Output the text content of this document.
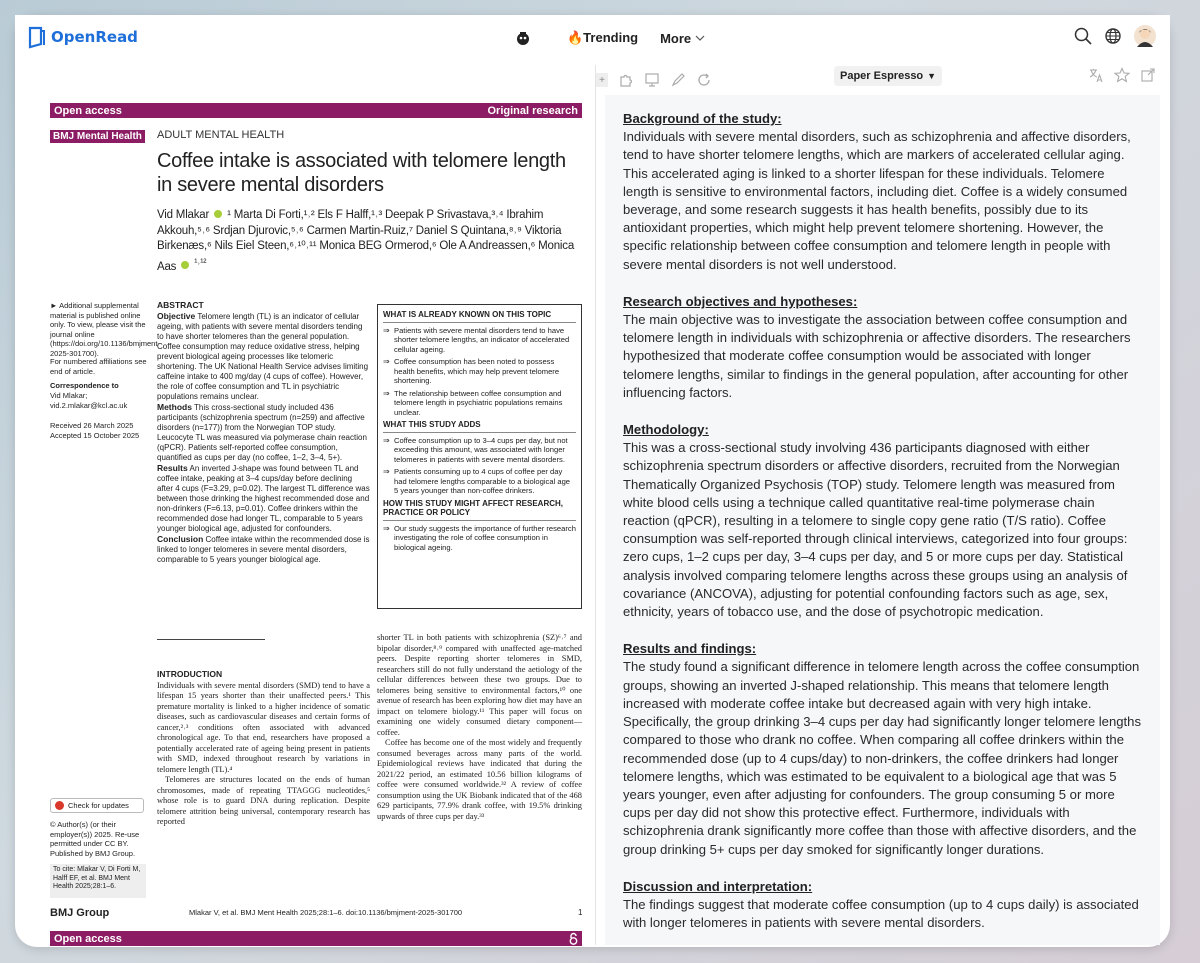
OpenRead	🔥Trending More
Open access	Original research
BMJ Mental Health ADULT MENTAL HEALTH
Coffee intake is associated with telomere length in severe mental disorders
Vid Mlakar ¹ Marta Di Forti,¹˒² Els F Halff,¹˒³ Deepak P Srivastava,³˒⁴ Ibrahim Akkouh,⁵˒⁶ Srdjan Djurovic,⁵˒⁶ Carmen Martin-Ruiz,⁷ Daniel S Quintana,⁸˒⁹ Viktoria Birkenæs,⁶ Nils Eiel Steen,⁶˒¹⁰˒¹¹ Monica BEG Ormerod,⁶ Ole A Andreassen,⁶ Monica Aas $^{^1˒^{12}}$
► Additional supplemental material is published online only. To view, please visit the journal online (https://doi.org/10.1136/bmjment-2025-301700).
For numbered affiliations see end of article.
Correspondence to
Vid Mlakar; vid.2.mlakar@kcl.ac.uk
Received 26 March 2025
Accepted 15 October 2025
ABSTRACT
Objective Telomere length (TL) is an indicator of cellular ageing, with patients with severe mental disorders tending to have shorter telomeres than the general population. Coffee consumption may reduce oxidative stress, helping prevent biological ageing processes like telomeric shortening. The UK National Health Service advises limiting caffeine intake to 400 mg/day (4 cups of coffee). However, the role of coffee consumption and TL in psychiatric populations remains unclear.
Methods This cross-sectional study included 436 participants (schizophrenia spectrum (n=259) and affective disorders (n=177)) from the Norwegian TOP study. Leucocyte TL was measured via polymerase chain reaction (qPCR). Patients self-reported coffee consumption, quantified as cups per day (no coffee, 1–2, 3–4, 5+).
Results An inverted J-shape was found between TL and coffee intake, peaking at 3–4 cups/day before declining after 4 cups (F=3.29, p=0.02). The largest TL difference was between those drinking the highest recommended dose and non-drinkers (F=6.13, p=0.01). Coffee drinkers within the recommended dose had longer TL, comparable to 5 years younger biological age, adjusted for confounders.
Conclusion Coffee intake within the recommended dose is linked to longer telomeres in severe mental disorders, comparable to 5 years younger biological age.
WHAT IS ALREADY KNOWN ON THIS TOPIC
⇒ Patients with severe mental disorders tend to have shorter telomere lengths, an indicator of accelerated cellular ageing.
⇒ Coffee consumption has been noted to possess health benefits, which may help prevent telomere shortening.
⇒ The relationship between coffee consumption and telomere length in psychiatric populations remains unclear.
WHAT THIS STUDY ADDS
⇒ Coffee consumption up to 3–4 cups per day, but not exceeding this amount, was associated with longer telomeres in patients with severe mental disorders.
⇒ Patients consuming up to 4 cups of coffee per day had telomere lengths comparable to a biological age 5 years younger than non-coffee drinkers.
HOW THIS STUDY MIGHT AFFECT RESEARCH, PRACTICE OR POLICY
⇒ Our study suggests the importance of further research investigating the role of coffee consumption in biological ageing.
INTRODUCTION

Individuals with severe mental disorders (SMD) tend to have a lifespan 15 years shorter than their unaffected peers.¹ This premature mortality is linked to a higher incidence of somatic diseases, such as cardiovascular diseases and certain forms of cancer,²˒³ conditions often associated with advanced chronological age. To that end, researchers have proposed a potentially accelerated rate of ageing being present in patients with SMD, indexed throughout research by variations in telomere length (TL).⁴

Telomeres are structures located on the ends of human chromosomes, made of repeating TTAGGG nucleotides,⁵ whose role is to guard DNA during replication. Despite telomere attrition being universal, contemporary research has reported

shorter TL in both patients with schizophrenia (SZ)⁶˒⁷ and bipolar disorder,⁸˒⁹ compared with unaffected age-matched peers. Despite reporting shorter telomeres in SMD, researchers still do not fully understand the aetiology of the cellular differences between these two groups. Due to telomeres being sensitive to environmental factors,¹⁰ one avenue of research has been exploring how diet may have an impact on telomere biology.¹¹ This paper will focus on examining one widely consumed dietary component—coffee.

Coffee has become one of the most widely and frequently consumed beverages across many parts of the world. Epidemiological reviews have indicated that during the 2021/22 period, an estimated 10.56 billion kilograms of coffee were consumed worldwide.³² A review of coffee consumption using the UK Biobank indicated that of the 468 629 participants, 77.9% drank coffee, with 19.5% drinking upwards of three cups per day.³³

Check for updates
© Author(s) (or their employer(s)) 2025. Re-use permitted under CC BY. Published by BMJ Group.
To cite: Mlakar V, Di Forti M, Halff EF, et al. BMJ Ment Health 2025;28:1–6.
BMJ Group	Mlakar V, et al. BMJ Ment Health 2025;28:1–6. doi:10.1136/bmjment-2025-301700	1
Open access
+	Paper Espresso ▼
Background of the study:

Individuals with severe mental disorders, such as schizophrenia and affective disorders, tend to have shorter telomere lengths, which are markers of accelerated cellular aging. This accelerated aging is linked to a shorter lifespan for these individuals. Telomere length is sensitive to environmental factors, including diet. Coffee is a widely consumed beverage, and some research suggests it has health benefits, possibly due to its antioxidant properties, which might help prevent telomere shortening. However, the specific relationship between coffee consumption and telomere length in people with severe mental disorders is not well understood.

Research objectives and hypotheses:

The main objective was to investigate the association between coffee consumption and telomere length in individuals with schizophrenia or affective disorders. The researchers hypothesized that moderate coffee consumption would be associated with longer telomere lengths, similar to findings in the general population, after accounting for other influencing factors.

Methodology:

This was a cross-sectional study involving 436 participants diagnosed with either schizophrenia spectrum disorders or affective disorders, recruited from the Norwegian Thematically Organized Psychosis (TOP) study. Telomere length was measured from white blood cells using a technique called quantitative real-time polymerase chain reaction (qPCR), resulting in a telomere to single copy gene ratio (T/S ratio). Coffee consumption was self-reported through clinical interviews, categorized into four groups: zero cups, 1–2 cups per day, 3–4 cups per day, and 5 or more cups per day. Statistical analysis involved comparing telomere lengths across these groups using an analysis of covariance (ANCOVA), adjusting for potential confounding factors such as age, sex, ethnicity, years of tobacco use, and the dose of psychotropic medication.

Results and findings:

The study found a significant difference in telomere length across the coffee consumption groups, showing an inverted J-shaped relationship. This means that telomere length increased with moderate coffee intake but decreased again with very high intake. Specifically, the group drinking 3–4 cups per day had significantly longer telomere lengths compared to those who drank no coffee. When comparing all coffee drinkers within the recommended dose (up to 4 cups/day) to non-drinkers, the coffee drinkers had longer telomere lengths, which was estimated to be equivalent to a biological age that was 5 years younger, even after adjusting for confounders. The group consuming 5 or more cups per day did not show this protective effect. Furthermore, individuals with schizophrenia drank significantly more coffee than those with affective disorders, and the group drinking 5+ cups per day smoked for significantly longer durations.

Discussion and interpretation:

The findings suggest that moderate coffee consumption (up to 4 cups daily) is associated with longer telomeres in patients with severe mental disorders.
